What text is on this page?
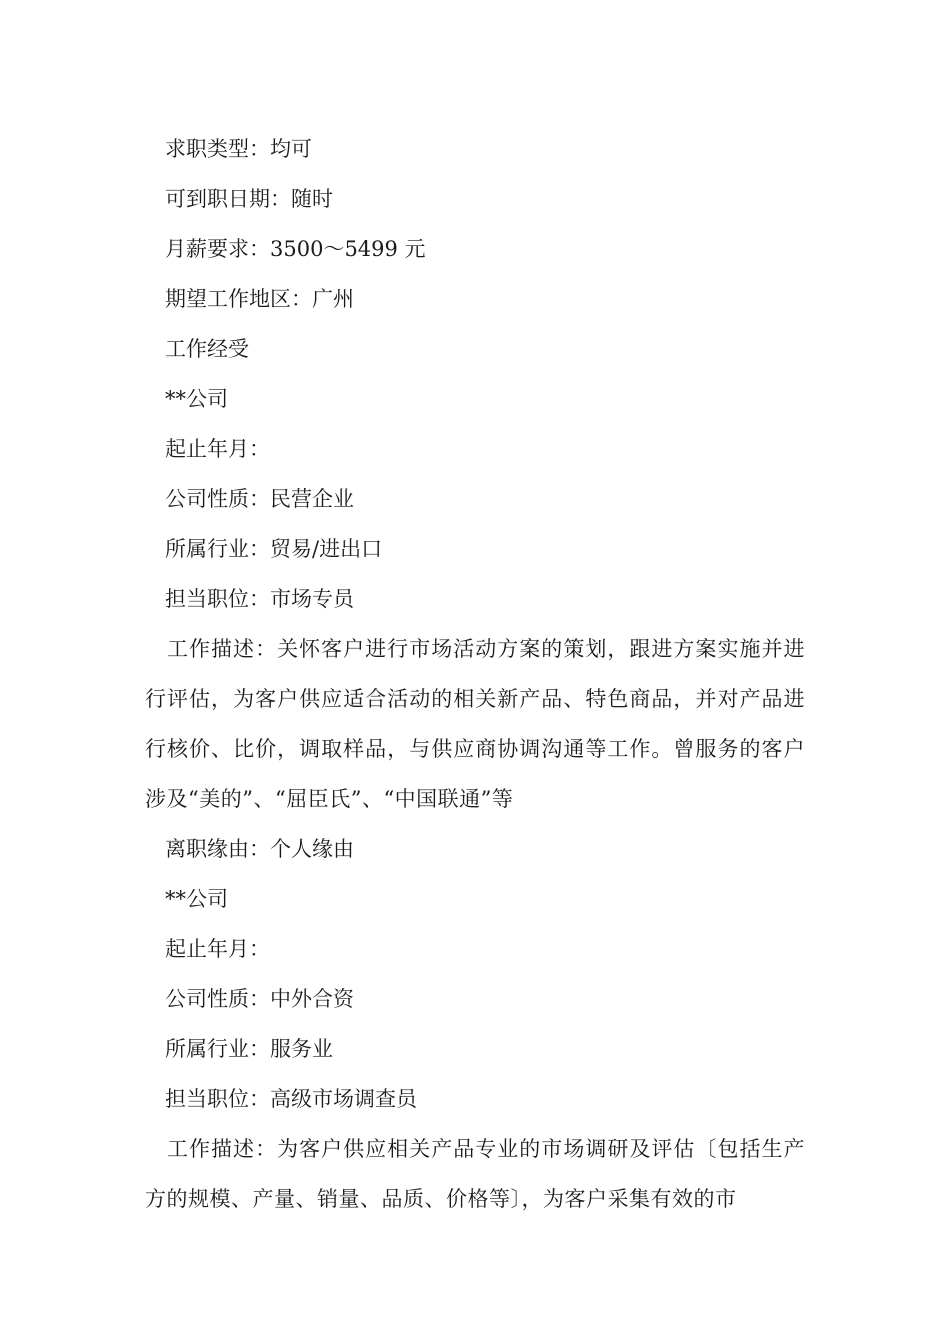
求职类型：均可
可到职日期：随时
月薪要求：3500～5499 元
期望工作地区：广州
工作经受
**公司
起止年月：
公司性质：民营企业
所属行业：贸易/进出口
担当职位：市场专员
工作描述：关怀客户进行市场活动方案的策划，跟进方案实施并进行评估，为客户供应适合活动的相关新产品、特色商品，并对产品进行核价、比价，调取样品，与供应商协调沟通等工作。曾服务的客户涉及“美的”、“屈臣氏”、“中国联通”等
离职缘由：个人缘由
**公司
起止年月：
公司性质：中外合资
所属行业：服务业
担当职位：高级市场调查员
工作描述：为客户供应相关产品专业的市场调研及评估〔包括生产方的规模、产量、销量、品质、价格等〕，为客户采集有效的市
